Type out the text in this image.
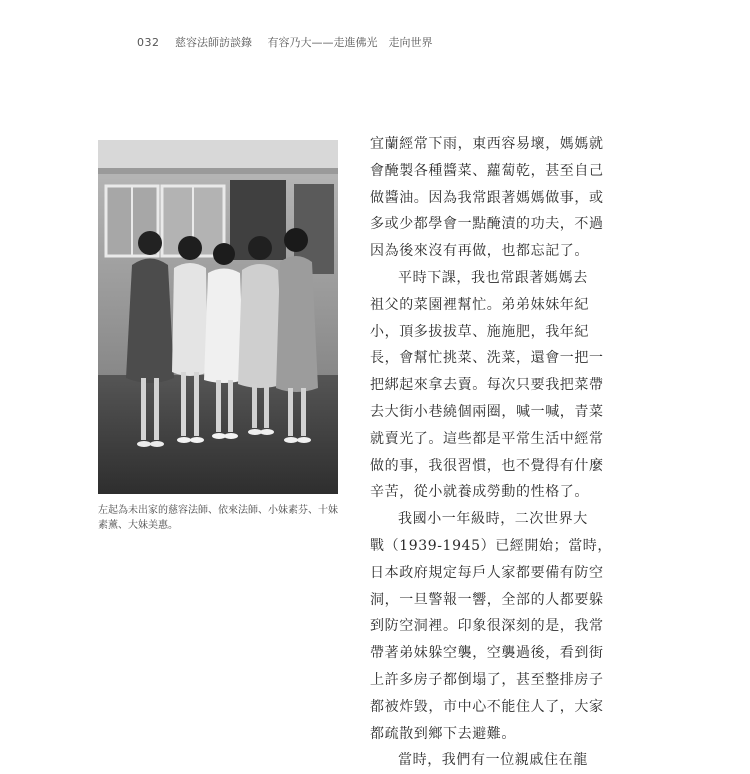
032 慈容法師訪談錄 有容乃大——走進佛光　走向世界
左起為未出家的慈容法師、依來法師、小妹素芬、十妹素薰、大妹美惠。
宜蘭經常下雨，東西容易壞，媽媽就
會醃製各種醬菜、蘿蔔乾，甚至自己
做醬油。因為我常跟著媽媽做事，或
多或少都學會一點醃漬的功夫，不過
因為後來沒有再做，也都忘記了。
平時下課，我也常跟著媽媽去
祖父的菜園裡幫忙。弟弟妹妹年紀
小，頂多拔拔草、施施肥，我年紀
長，會幫忙挑菜、洗菜，還會一把一
把綁起來拿去賣。每次只要我把菜帶
去大街小巷繞個兩圈，喊一喊，青菜
就賣光了。這些都是平常生活中經常
做的事，我很習慣，也不覺得有什麼
辛苦，從小就養成勞動的性格了。
我國小一年級時，二次世界大
戰（1939-1945）已經開始；當時，
日本政府規定每戶人家都要備有防空
洞，一旦警報一響，全部的人都要躲
到防空洞裡。印象很深刻的是，我常
帶著弟妹躲空襲，空襲過後，看到街
上許多房子都倒塌了，甚至整排房子
都被炸毀，市中心不能住人了，大家
都疏散到鄉下去避難。
當時，我們有一位親戚住在龍
